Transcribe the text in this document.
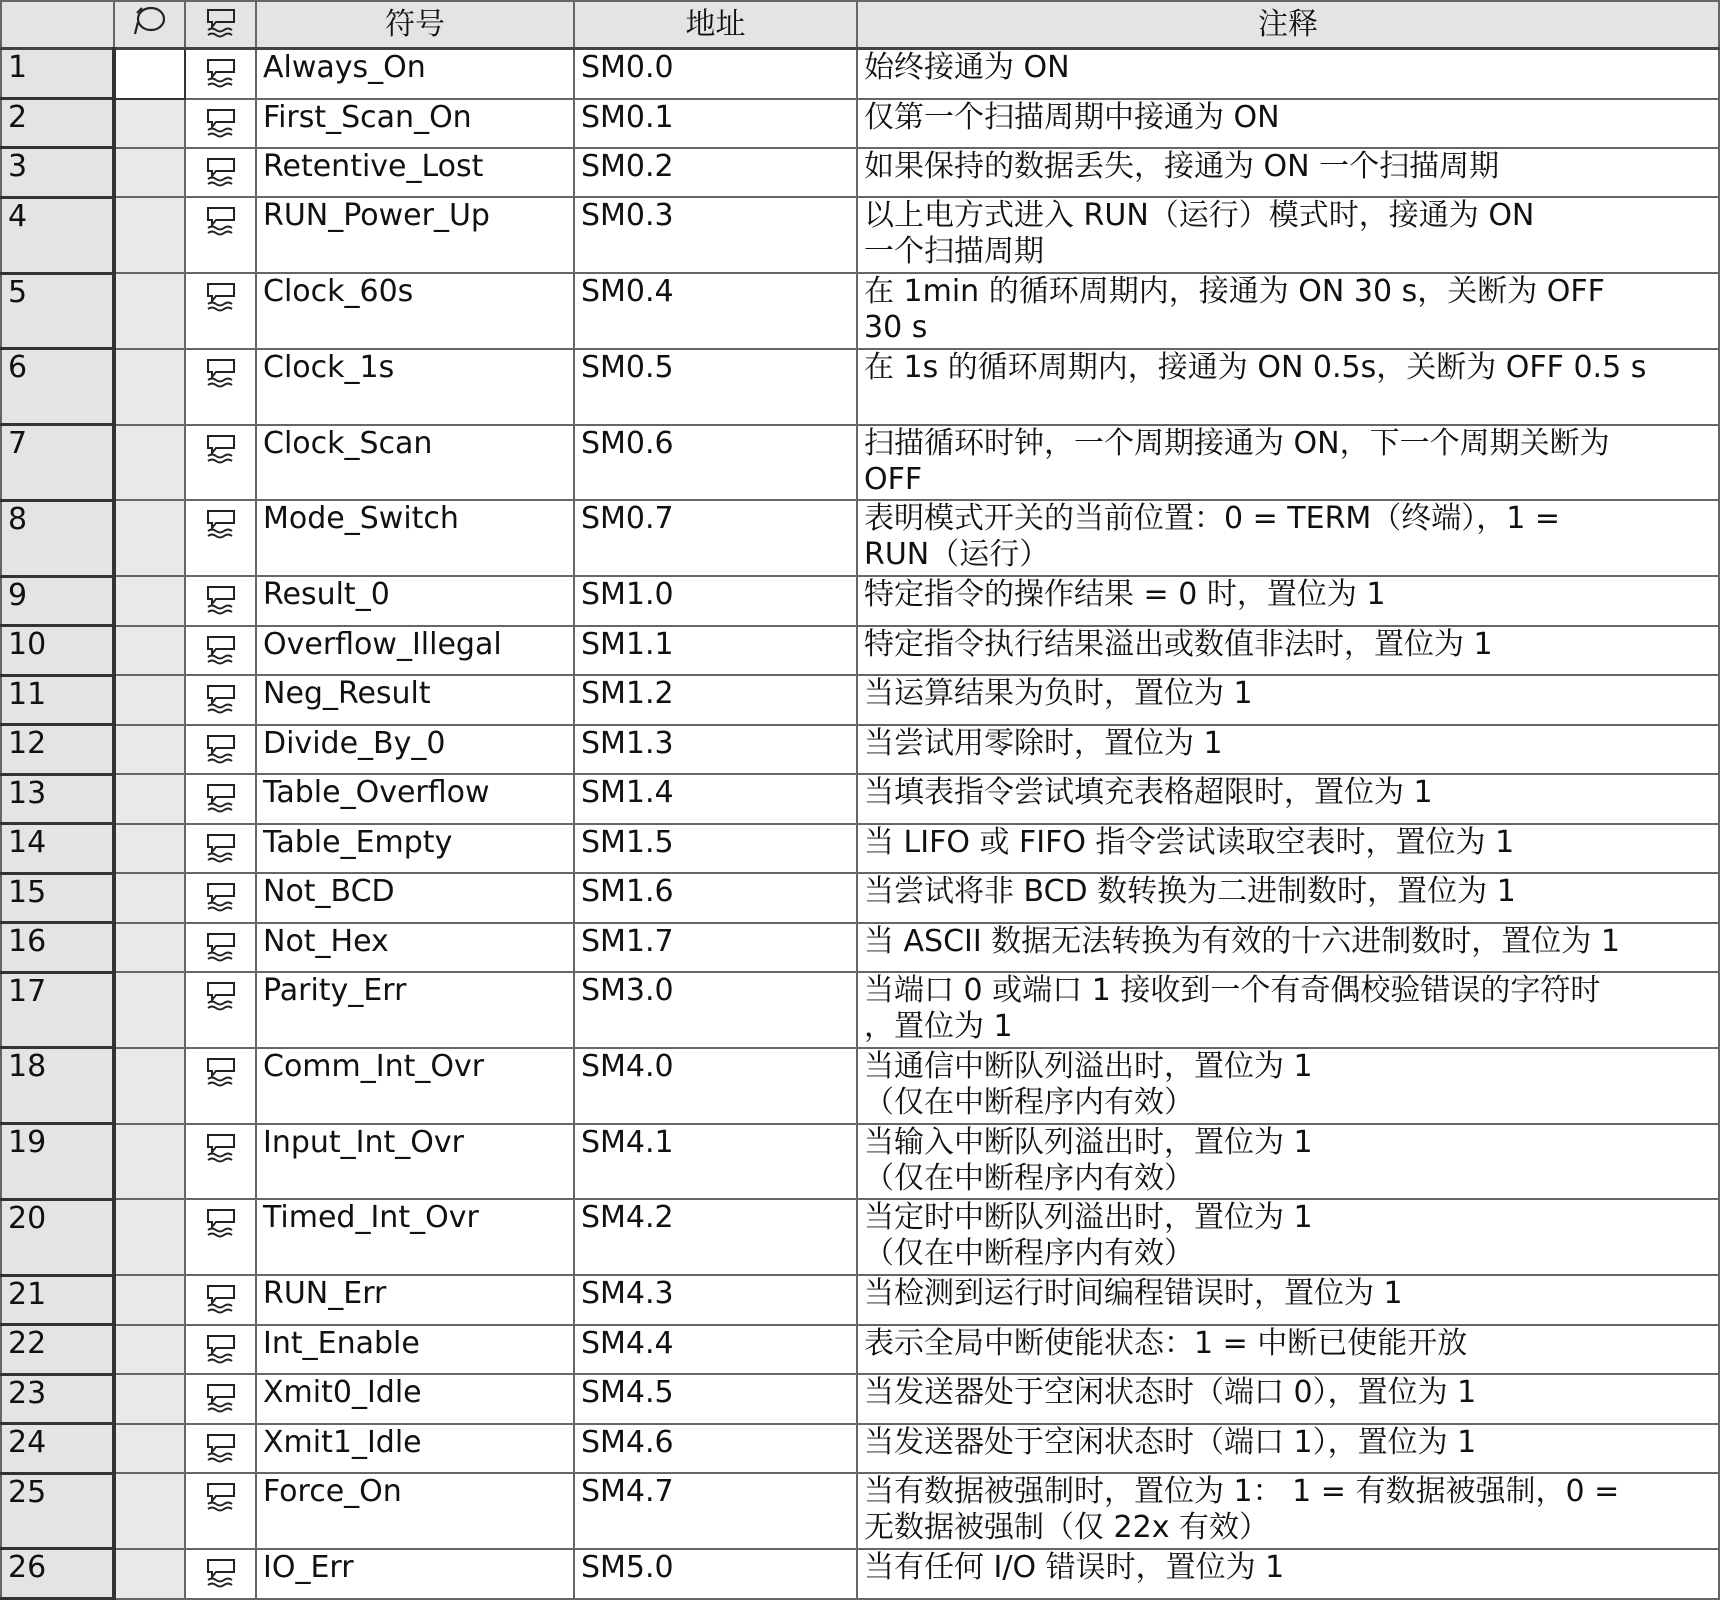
			符号	地址	注释
1			Always_On	SM0.0	始终接通为 ON

2			First_Scan_On	SM0.1	仅第一个扫描周期中接通为 ON

3			Retentive_Lost	SM0.2	如果保持的数据丢失，接通为 ON 一个扫描周期

4			RUN_Power_Up	SM0.3	以上电方式进入 RUN（运行）模式时，接通为 ON
一个扫描周期

5			Clock_60s	SM0.4	在 1min 的循环周期内，接通为 ON 30 s，关断为 OFF
30 s

6			Clock_1s	SM0.5	在 1s 的循环周期内，接通为 ON 0.5s，关断为 OFF 0.5 s

7			Clock_Scan	SM0.6	扫描循环时钟，一个周期接通为 ON，下一个周期关断为
OFF

8			Mode_Switch	SM0.7	表明模式开关的当前位置：0 = TERM（终端），1 =
RUN（运行）

9			Result_0	SM1.0	特定指令的操作结果 = 0 时，置位为 1

10			Overflow_Illegal	SM1.1	特定指令执行结果溢出或数值非法时，置位为 1

11			Neg_Result	SM1.2	当运算结果为负时，置位为 1

12			Divide_By_0	SM1.3	当尝试用零除时，置位为 1

13			Table_Overflow	SM1.4	当填表指令尝试填充表格超限时，置位为 1

14			Table_Empty	SM1.5	当 LIFO 或 FIFO 指令尝试读取空表时，置位为 1

15			Not_BCD	SM1.6	当尝试将非 BCD 数转换为二进制数时，置位为 1

16			Not_Hex	SM1.7	当 ASCII 数据无法转换为有效的十六进制数时，置位为 1

17			Parity_Err	SM3.0	当端口 0 或端口 1 接收到一个有奇偶校验错误的字符时
，置位为 1

18			Comm_Int_Ovr	SM4.0	当通信中断队列溢出时，置位为 1
（仅在中断程序内有效）

19			Input_Int_Ovr	SM4.1	当输入中断队列溢出时，置位为 1
（仅在中断程序内有效）

20			Timed_Int_Ovr	SM4.2	当定时中断队列溢出时，置位为 1
（仅在中断程序内有效）

21			RUN_Err	SM4.3	当检测到运行时间编程错误时，置位为 1

22			Int_Enable	SM4.4	表示全局中断使能状态：1 = 中断已使能开放

23			Xmit0_Idle	SM4.5	当发送器处于空闲状态时（端口 0），置位为 1

24			Xmit1_Idle	SM4.6	当发送器处于空闲状态时（端口 1），置位为 1

25			Force_On	SM4.7	当有数据被强制时，置位为 1： 1 = 有数据被强制，0 =
无数据被强制（仅 22x 有效）

26			IO_Err	SM5.0	当有任何 I/O 错误时，置位为 1
